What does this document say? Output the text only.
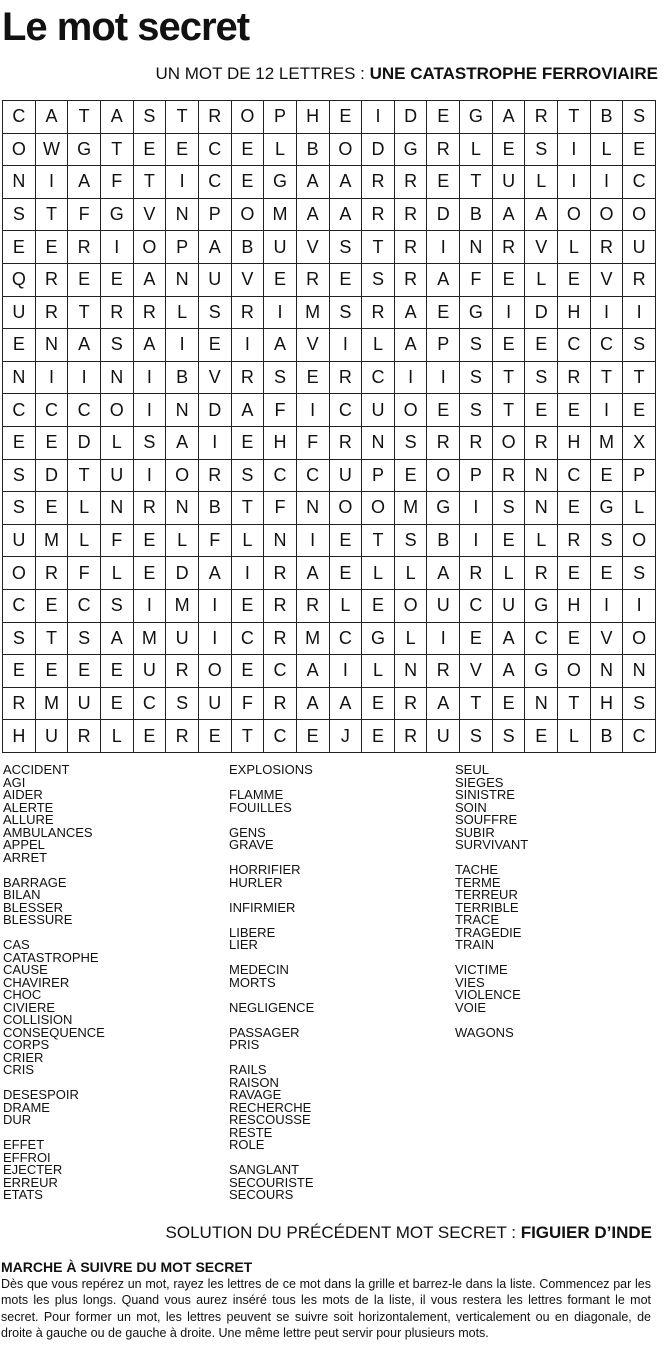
Le mot secret
UN MOT DE 12 LETTRES : UNE CATASTROPHE FERROVIAIRE
C	A	T	A	S	T	R	O	P	H	E	I	D	E	G	A	R	T	B	S
O W G	T	E	E	C	E	L	B	O	D	G	R	L	E	S	I	L	E
N	I	A	F	T	I	C	E	G	A	A	R	R	E	T	U	L	I	I	C
S	T	F	G	V	N	P	O	M	A	A	R	R	D	B	A	A	O	O	O
E	E	R	I	O	P	A	B	U	V	S	T	R	I	N	R	V	L	R	U
Q	R	E	E	A	N	U	V	E	R	E	S	R	A	F	E	L	E	V	R
U	R	T	R	R	L	S	R	I	M	S	R	A	E	G	I	D	H	I	I
E	N	A	S	A	I	E	I	A	V	I	L	A	P	S	E	E	C	C	S
N	I	I	N	I	B	V	R	S	E	R	C	I	I	S	T	S	R	T	T
C	C	C	O	I	N	D	A	F	I	C	U	O	E	S	T	E	E	I	E
E	E	D	L	S	A	I	E	H	F	R	N	S	R	R	O	R	H	M	X
S	D	T	U	I	O	R	S	C	C	U	P	E	O	P	R	N	C	E	P
S	E	L	N	R	N	B	T	F	N	O	O	M	G	I	S	N	E	G	L
U	M	L	F	E	L	F	L	N	I	E	T	S	B	I	E	L	R	S	O
O	R	F	L	E	D	A	I	R	A	E	L	L	A	R	L	R	E	E	S
C	E	C	S	I	M	I	E	R	R	L	E	O	U	C	U	G	H	I	I
S	T	S	A	M	U	I	C	R	M	C	G	L	I	E	A	C	E	V	O
E	E	E	E	U	R	O	E	C	A	I	L	N	R	V	A	G	O	N	N
R	M	U	E	C	S	U	F	R	A	A	E	R	A	T	E	N	T	H	S
H	U	R	L	E	R	E	T	C	E	J	E	R	U	S	S	E	L	B	C
ACCIDENT
AGI
AIDER
ALERTE
ALLURE
AMBULANCES
APPEL
ARRET
BARRAGE
BILAN
BLESSER
BLESSURE
CAS
CATASTROPHE
CAUSE
CHAVIRER
CHOC
CIVIERE
COLLISION
CONSEQUENCE
CORPS
CRIER
CRIS
DESESPOIR
DRAME
DUR
EFFET
EFFROI
EJECTER
ERREUR
ETATS
EXPLOSIONS
FLAMME
FOUILLES
GENS
GRAVE
HORRIFIER
HURLER
INFIRMIER
LIBERE
LIER
MEDECIN
MORTS
NEGLIGENCE
PASSAGER
PRIS
RAILS
RAISON
RAVAGE
RECHERCHE
RESCOUSSE
RESTE
ROLE
SANGLANT
SECOURISTE
SECOURS
SEUL
SIEGES
SINISTRE
SOIN
SOUFFRE
SUBIR
SURVIVANT
TACHE
TERME
TERREUR
TERRIBLE
TRACE
TRAGEDIE
TRAIN
VICTIME
VIES
VIOLENCE
VOIE
WAGONS
SOLUTION DU PRÉCÉDENT MOT SECRET : FIGUIER D’INDE
MARCHE À SUIVRE DU MOT SECRET
Dès que vous repérez un mot, rayez les lettres de ce mot dans la grille et barrez-le dans la liste. Commencez par les mots les plus longs. Quand vous aurez inséré tous les mots de la liste, il vous restera les lettres formant le mot secret. Pour former un mot, les lettres peuvent se suivre soit horizontalement, verticalement ou en diagonale, de droite à gauche ou de gauche à droite. Une même lettre peut servir pour plusieurs mots.
